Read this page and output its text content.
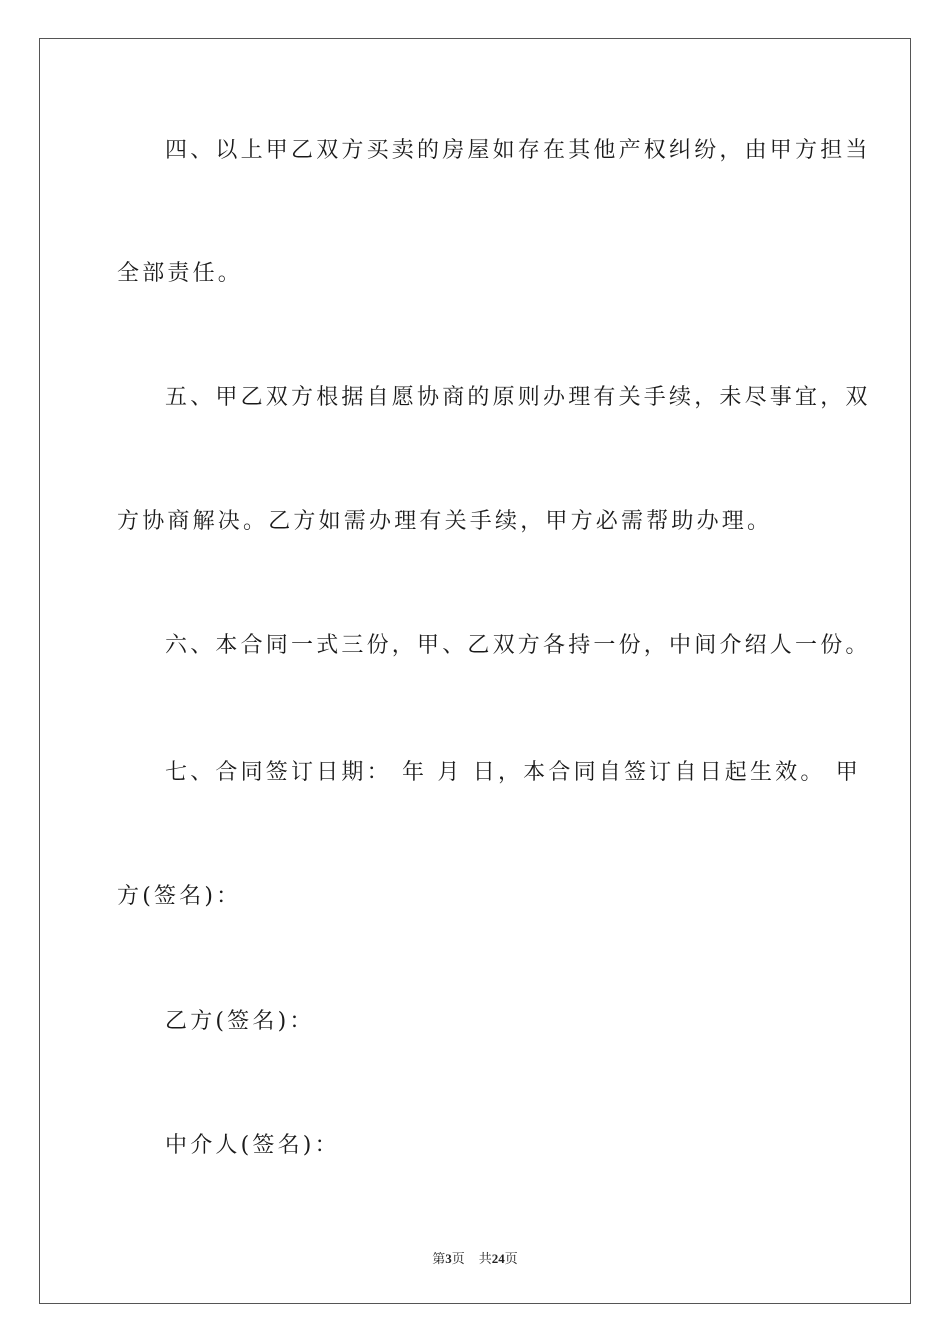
四、以上甲乙双方买卖的房屋如存在其他产权纠纷，由甲方担当

全部责任。

五、甲乙双方根据自愿协商的原则办理有关手续，未尽事宜，双

方协商解决。乙方如需办理有关手续，甲方必需帮助办理。

六、本合同一式三份，甲、乙双方各持一份，中间介绍人一份。

七、合同签订日期： 年 月 日，本合同自签订自日起生效。 甲

方(签名)：

乙方(签名)：

中介人(签名)：

第3页 共24页
